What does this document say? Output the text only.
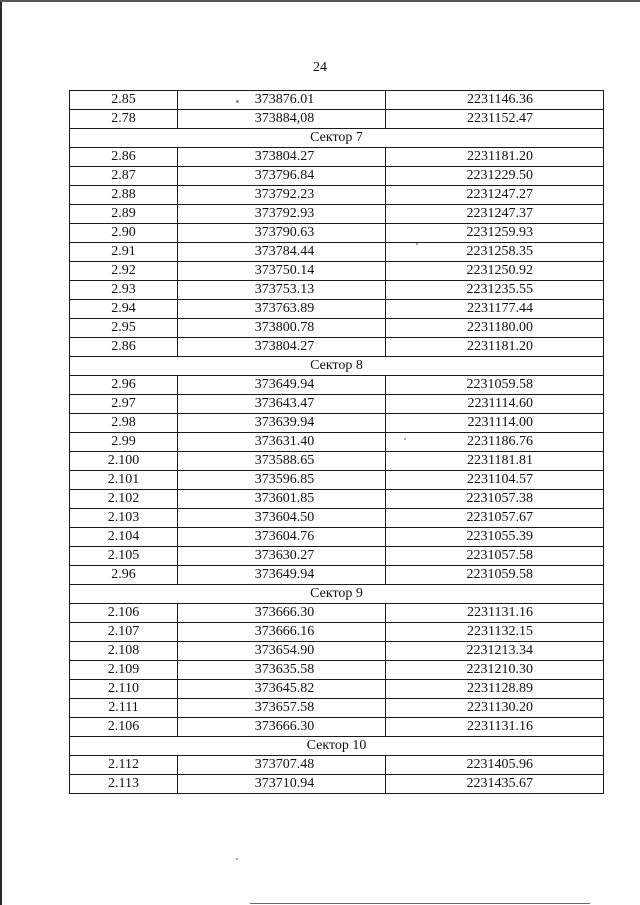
24
2.85	373876.01	2231146.36
2.78	373884,08	2231152.47
Сектор 7		
2.86	373804.27	2231181.20
2.87	373796.84	2231229.50
2.88	373792.23	2231247.27
2.89	373792.93	2231247.37
2.90	373790.63	2231259.93
2.91	373784.44	2231258.35
2.92	373750.14	2231250.92
2.93	373753.13	2231235.55
2.94	373763.89	2231177.44
2.95	373800.78	2231180.00
2.86	373804.27	2231181.20
Сектор 8		
2.96	373649.94	2231059.58
2.97	373643.47	2231114.60
2.98	373639.94	2231114.00
2.99	373631.40	2231186.76
2.100	373588.65	2231181.81
2.101	373596.85	2231104.57
2.102	373601.85	2231057.38
2.103	373604.50	2231057.67
2.104	373604.76	2231055.39
2.105	373630.27	2231057.58
2.96	373649.94	2231059.58
Сектор 9		
2.106	373666.30	2231131.16
2.107	373666.16	2231132.15
2.108	373654.90	2231213.34
2.109	373635.58	2231210.30
2.110	373645.82	2231128.89
2.111	373657.58	2231130.20
2.106	373666.30	2231131.16
Сектор 10		
2.112	373707.48	2231405.96
2.113	373710.94	2231435.67
